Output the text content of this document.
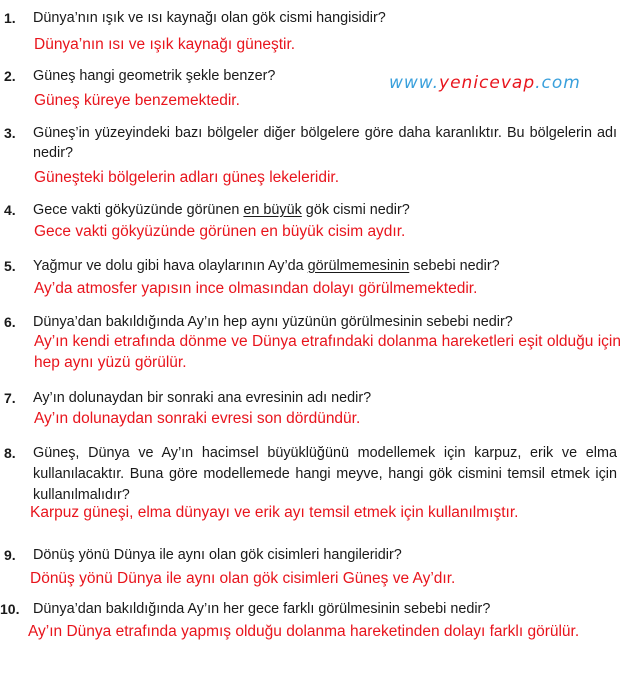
www.yenicevap.com
1.	Dünya’nın ışık ve ısı kaynağı olan gök cismi hangisidir?
Dünya’nın ısı ve ışık kaynağı güneştir.
2.	Güneş hangi geometrik şekle benzer?
Güneş küreye benzemektedir.
3.	Güneş’in yüzeyindeki bazı bölgeler diğer bölgelere göre daha karanlıktır. Bu bölgelerin adı nedir?
Güneşteki bölgelerin adları güneş lekeleridir.
4.	Gece vakti gökyüzünde görünen en büyük gök cismi nedir?
Gece vakti gökyüzünde görünen en büyük cisim aydır.
5.	Yağmur ve dolu gibi hava olaylarının Ay’da görülmemesinin sebebi nedir?
Ay’da atmosfer yapısın ince olmasından dolayı görülmemektedir.
6.	Dünya’dan bakıldığında Ay’ın hep aynı yüzünün görülmesinin sebebi nedir?
Ay’ın kendi etrafında dönme ve Dünya etrafındaki dolanma hareketleri eşit olduğu için hep aynı yüzü görülür.
7.	Ay’ın dolunaydan bir sonraki ana evresinin adı nedir?
Ay’ın dolunaydan sonraki evresi son dördündür.
8.	Güneş, Dünya ve Ay’ın hacimsel büyüklüğünü modellemek için karpuz, erik ve elma kullanılacaktır. Buna göre modellemede hangi meyve, hangi gök cismini temsil etmek için kullanılmalıdır?
Karpuz güneşi, elma dünyayı ve erik ayı temsil etmek için kullanılmıştır.
9.	Dönüş yönü Dünya ile aynı olan gök cisimleri hangileridir?
Dönüş yönü Dünya ile aynı olan gök cisimleri Güneş ve Ay’dır.
10. Dünya’dan bakıldığında Ay’ın her gece farklı görülmesinin sebebi nedir?
Ay’ın Dünya etrafında yapmış olduğu dolanma hareketinden dolayı farklı görülür.
